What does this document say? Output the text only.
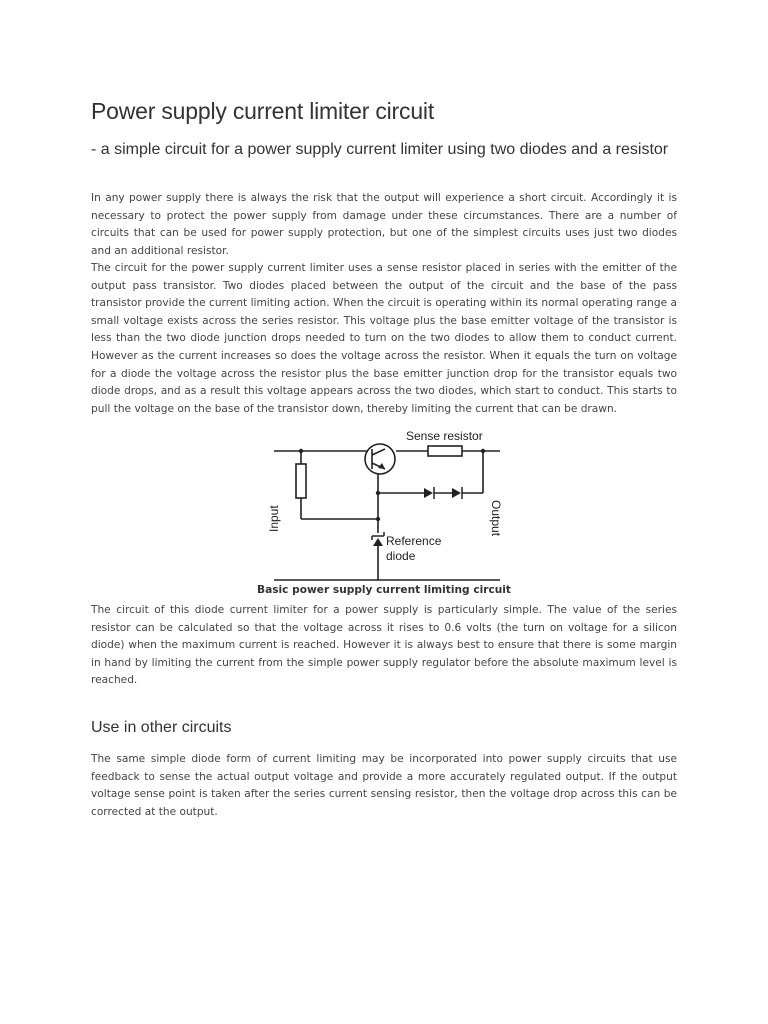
Power supply current limiter circuit
- a simple circuit for a power supply current limiter using two diodes and a resistor

In any power supply there is always the risk that the output will experience a short circuit. Accordingly it is necessary to protect the power supply from damage under these circumstances. There are a number of circuits that can be used for power supply protection, but one of the simplest circuits uses just two diodes and an additional resistor.

The circuit for the power supply current limiter uses a sense resistor placed in series with the emitter of the output pass transistor. Two diodes placed between the output of the circuit and the base of the pass transistor provide the current limiting action. When the circuit is operating within its normal operating range a small voltage exists across the series resistor. This voltage plus the base emitter voltage of the transistor is less than the two diode junction drops needed to turn on the two diodes to allow them to conduct current. However as the current increases so does the voltage across the resistor. When it equals the turn on voltage for a diode the voltage across the resistor plus the base emitter junction drop for the transistor equals two diode drops, and as a result this voltage appears across the two diodes, which start to conduct. This starts to pull the voltage on the base of the transistor down, thereby limiting the current that can be drawn.

Sense resistor
Input	Output
Reference
diode

Basic power supply current limiting circuit

The circuit of this diode current limiter for a power supply is particularly simple. The value of the series resistor can be calculated so that the voltage across it rises to 0.6 volts (the turn on voltage for a silicon diode) when the maximum current is reached. However it is always best to ensure that there is some margin in hand by limiting the current from the simple power supply regulator before the absolute maximum level is reached.

Use in other circuits

The same simple diode form of current limiting may be incorporated into power supply circuits that use feedback to sense the actual output voltage and provide a more accurately regulated output. If the output voltage sense point is taken after the series current sensing resistor, then the voltage drop across this can be corrected at the output.
